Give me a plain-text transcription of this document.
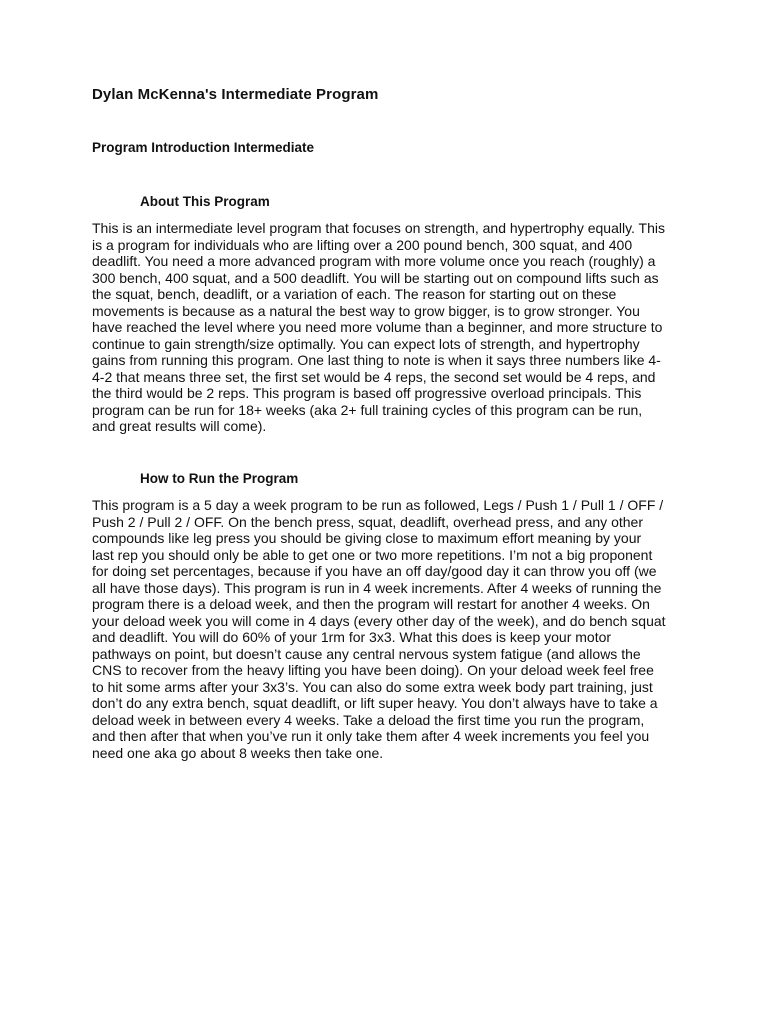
Dylan McKenna's Intermediate Program
Program Introduction Intermediate
About This Program

This is an intermediate level program that focuses on strength, and hypertrophy equally. This
is a program for individuals who are lifting over a 200 pound bench, 300 squat, and 400
deadlift. You need a more advanced program with more volume once you reach (roughly) a
300 bench, 400 squat, and a 500 deadlift. You will be starting out on compound lifts such as
the squat, bench, deadlift, or a variation of each. The reason for starting out on these
movements is because as a natural the best way to grow bigger, is to grow stronger. You
have reached the level where you need more volume than a beginner, and more structure to
continue to gain strength/size optimally. You can expect lots of strength, and hypertrophy
gains from running this program. One last thing to note is when it says three numbers like 4-
4-2 that means three set, the first set would be 4 reps, the second set would be 4 reps, and
the third would be 2 reps. This program is based off progressive overload principals. This
program can be run for 18+ weeks (aka 2+ full training cycles of this program can be run,
and great results will come).

How to Run the Program

This program is a 5 day a week program to be run as followed, Legs / Push 1 / Pull 1 / OFF /
Push 2 / Pull 2 / OFF. On the bench press, squat, deadlift, overhead press, and any other
compounds like leg press you should be giving close to maximum effort meaning by your
last rep you should only be able to get one or two more repetitions. I’m not a big proponent
for doing set percentages, because if you have an off day/good day it can throw you off (we
all have those days). This program is run in 4 week increments. After 4 weeks of running the
program there is a deload week, and then the program will restart for another 4 weeks. On
your deload week you will come in 4 days (every other day of the week), and do bench squat
and deadlift. You will do 60% of your 1rm for 3x3. What this does is keep your motor
pathways on point, but doesn’t cause any central nervous system fatigue (and allows the
CNS to recover from the heavy lifting you have been doing). On your deload week feel free
to hit some arms after your 3x3’s. You can also do some extra week body part training, just
don’t do any extra bench, squat deadlift, or lift super heavy. You don’t always have to take a
deload week in between every 4 weeks. Take a deload the first time you run the program,
and then after that when you’ve run it only take them after 4 week increments you feel you
need one aka go about 8 weeks then take one.
